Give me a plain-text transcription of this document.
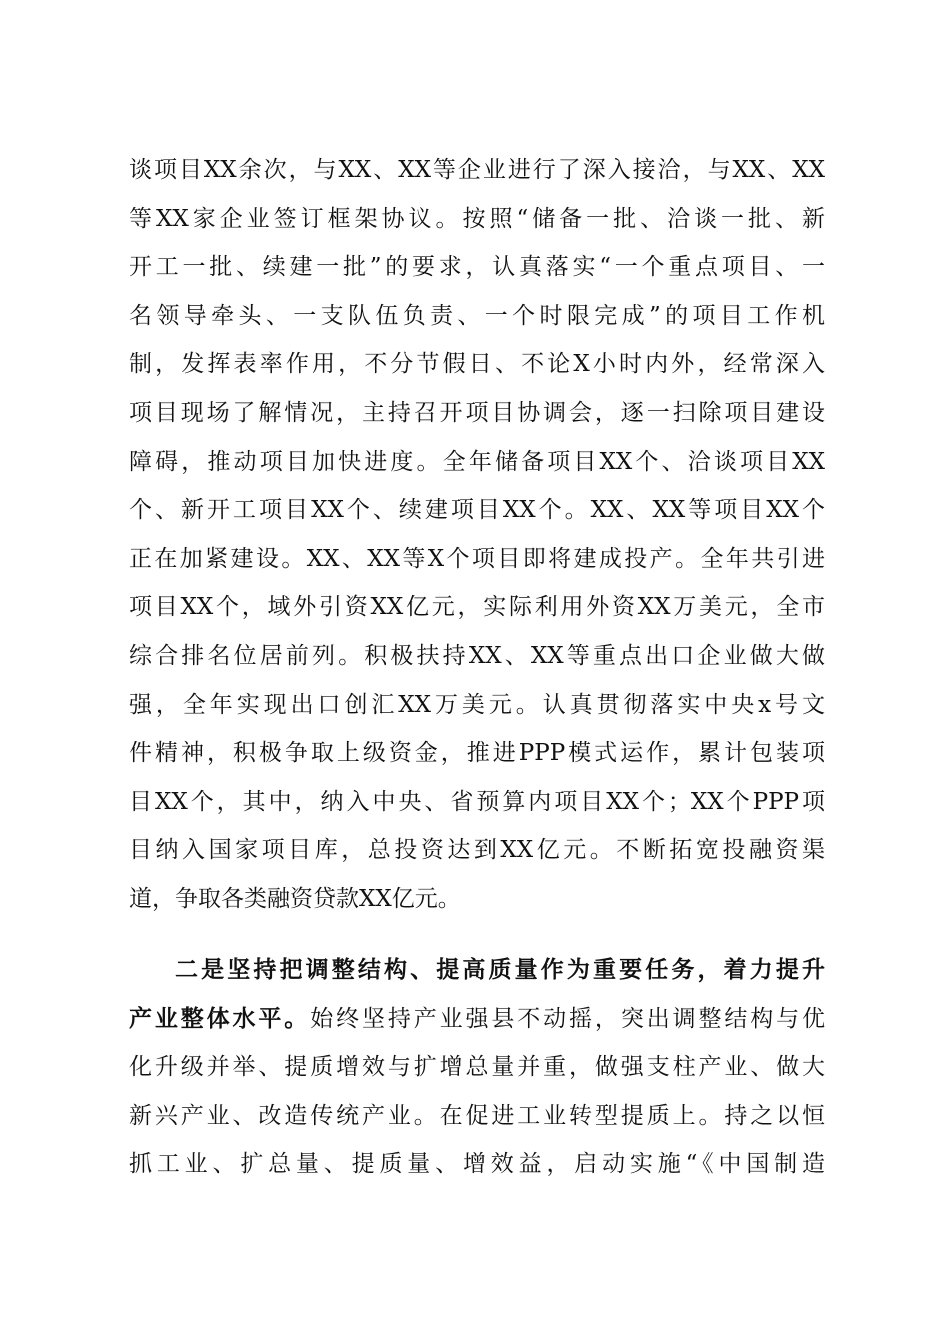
谈项目XX余次，与XX、XX等企业进行了深入接洽，与XX、XX
等XX家企业签订框架协议。按照“储备一批、洽谈一批、新
开工一批、续建一批”的要求，认真落实“一个重点项目、一
名领导牵头、一支队伍负责、一个时限完成”的项目工作机
制，发挥表率作用，不分节假日、不论X小时内外，经常深入
项目现场了解情况，主持召开项目协调会，逐一扫除项目建设
障碍，推动项目加快进度。全年储备项目XX个、洽谈项目XX
个、新开工项目XX个、续建项目XX个。XX、XX等项目XX个
正在加紧建设。XX、XX等X个项目即将建成投产。全年共引进
项目XX个，域外引资XX亿元，实际利用外资XX万美元，全市
综合排名位居前列。积极扶持XX、XX等重点出口企业做大做
强，全年实现出口创汇XX万美元。认真贯彻落实中央x号文
件精神，积极争取上级资金，推进PPP模式运作，累计包装项
目XX个，其中，纳入中央、省预算内项目XX个；XX个PPP项
目纳入国家项目库，总投资达到XX亿元。不断拓宽投融资渠
道，争取各类融资贷款XX亿元。
二是坚持把调整结构、提高质量作为重要任务，着力提升
产业整体水平。始终坚持产业强县不动摇，突出调整结构与优
化升级并举、提质增效与扩增总量并重，做强支柱产业、做大
新兴产业、改造传统产业。在促进工业转型提质上。持之以恒
抓工业、扩总量、提质量、增效益，启动实施“《中国制造
